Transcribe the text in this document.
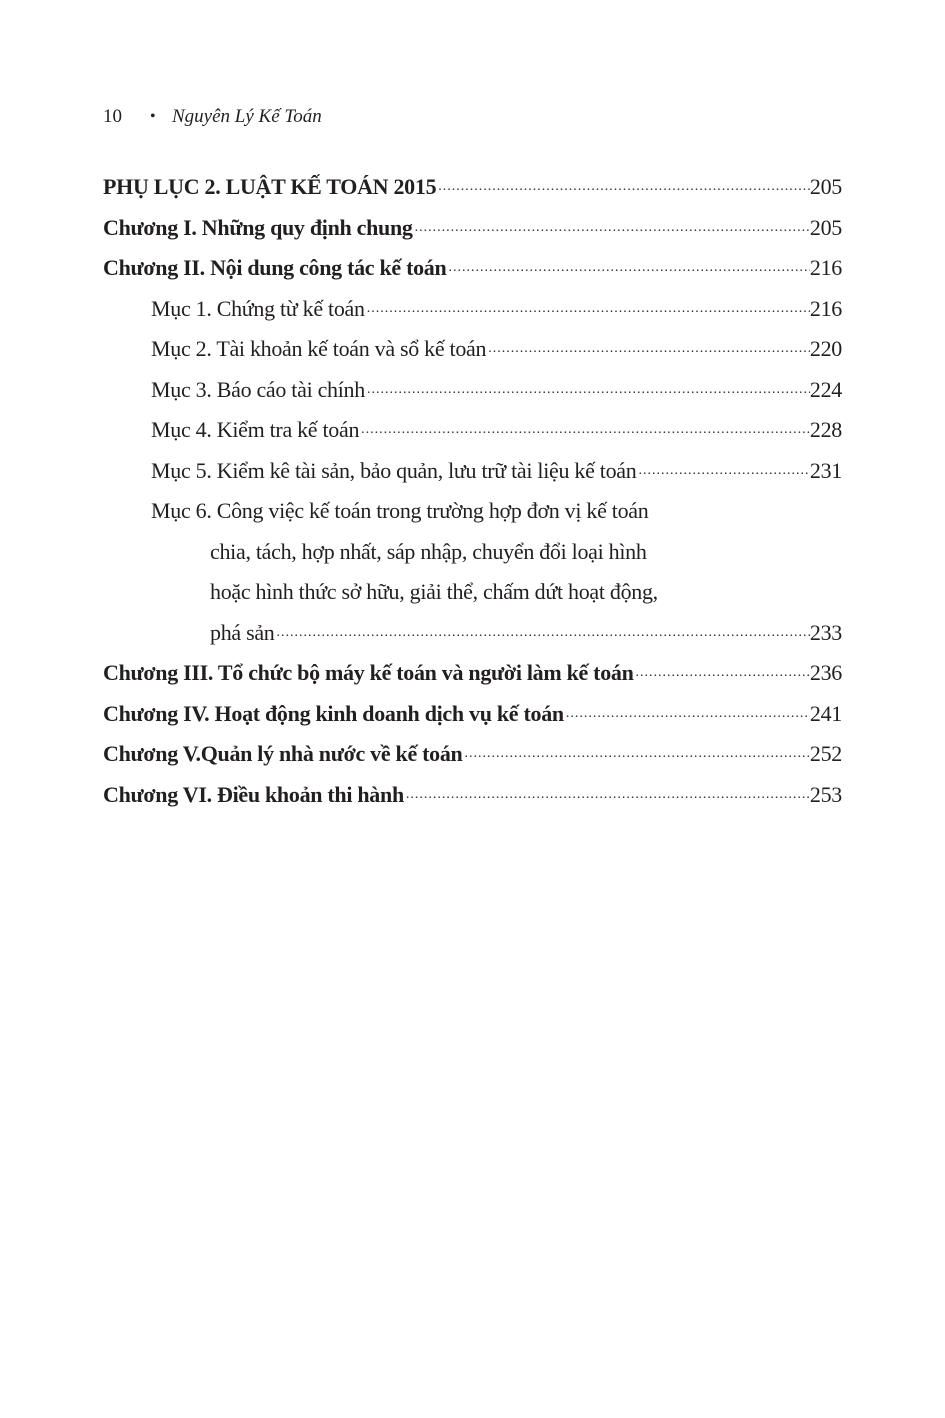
10	• Nguyên Lý Kế Toán
PHỤ LỤC 2. LUẬT KẾ TOÁN 2015 .....	205
Chương I. Những quy định chung .....	205
Chương II. Nội dung công tác kế toán .....	216
Mục 1. Chứng từ kế toán .....	216
Mục 2. Tài khoản kế toán và sổ kế toán .....	220
Mục 3. Báo cáo tài chính .....	224
Mục 4. Kiểm tra kế toán .....	228
Mục 5. Kiểm kê tài sản, bảo quản, lưu trữ tài liệu kế toán .....	231
Mục 6. Công việc kế toán trong trường hợp đơn vị kế toán
chia, tách, hợp nhất, sáp nhập, chuyển đổi loại hình
hoặc hình thức sở hữu, giải thể, chấm dứt hoạt động,
phá sản .....	233
Chương III. Tổ chức bộ máy kế toán và người làm kế toán .....	236
Chương IV. Hoạt động kinh doanh dịch vụ kế toán .....	241
Chương V.Quản lý nhà nước về kế toán .....	252
Chương VI. Điều khoản thi hành .....	253
